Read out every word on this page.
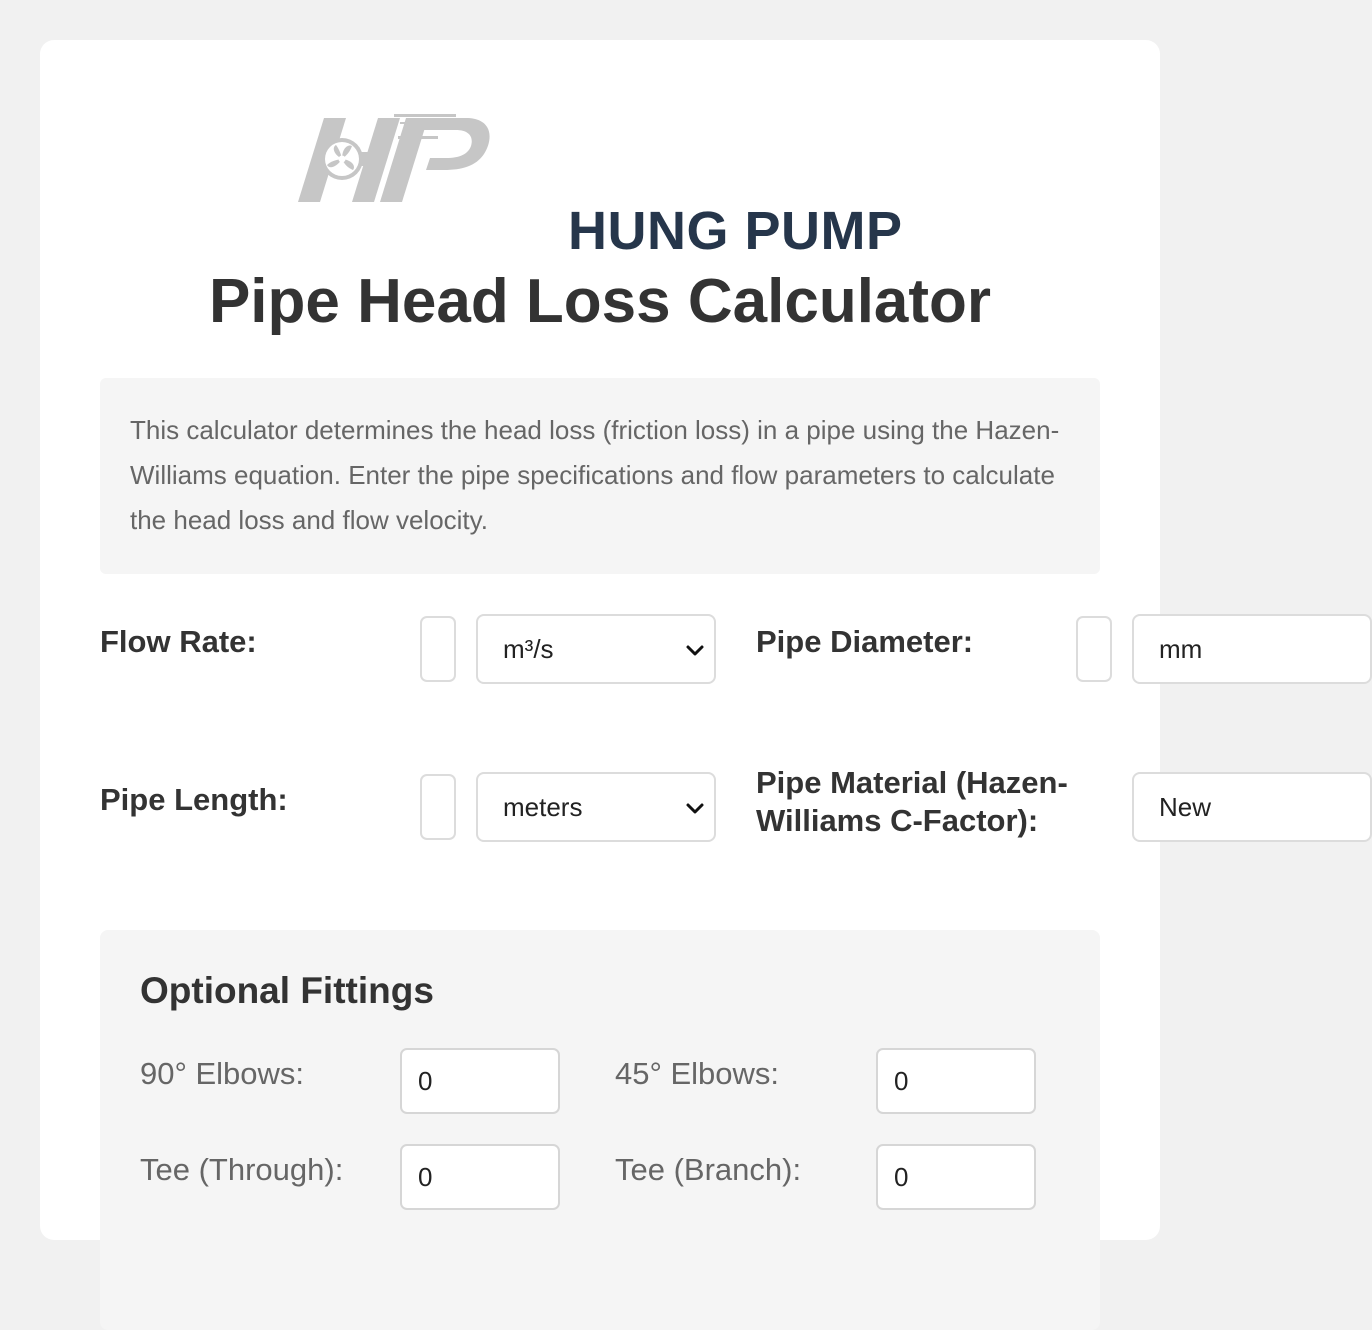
HUNG PUMP
Pipe Head Loss Calculator
This calculator determines the head loss (friction loss) in a pipe using the Hazen-Williams equation. Enter the pipe specifications and flow parameters to calculate the head loss and flow velocity.
Flow Rate:	m³/s	Pipe Diameter:	mm
Pipe Length:	meters
Pipe Material (Hazen-Williams C-Factor):	New
Optional Fittings
90° Elbows:	0	45° Elbows:	0
Tee (Through):	0	Tee (Branch):	0
